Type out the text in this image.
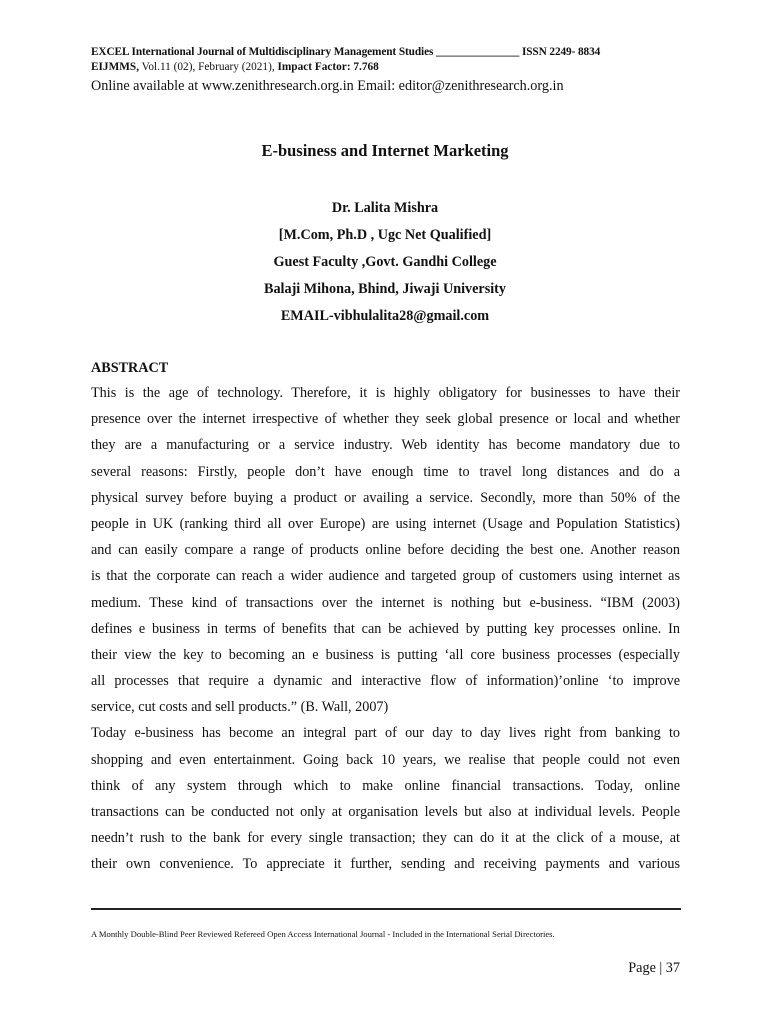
EXCEL International Journal of Multidisciplinary Management Studies _______________ ISSN 2249- 8834
EIJMMS, Vol.11 (02), February (2021), Impact Factor: 7.768
Online available at www.zenithresearch.org.in Email: editor@zenithresearch.org.in
E-business and Internet Marketing
Dr. Lalita Mishra
[M.Com, Ph.D , Ugc Net Qualified]
Guest Faculty ,Govt. Gandhi College
Balaji Mihona, Bhind, Jiwaji University
EMAIL-vibhulalita28@gmail.com
ABSTRACT
This is the age of technology. Therefore, it is highly obligatory for businesses to have their
presence over the internet irrespective of whether they seek global presence or local and whether
they are a manufacturing or a service industry. Web identity has become mandatory due to
several reasons: Firstly, people don’t have enough time to travel long distances and do a
physical survey before buying a product or availing a service. Secondly, more than 50% of the
people in UK (ranking third all over Europe) are using internet (Usage and Population Statistics)
and can easily compare a range of products online before deciding the best one. Another reason
is that the corporate can reach a wider audience and targeted group of customers using internet as
medium. These kind of transactions over the internet is nothing but e-business. “IBM (2003)
defines e business in terms of benefits that can be achieved by putting key processes online. In
their view the key to becoming an e business is putting ‘all core business processes (especially
all processes that require a dynamic and interactive flow of information)’online ‘to improve
service, cut costs and sell products.” (B. Wall, 2007)
Today e-business has become an integral part of our day to day lives right from banking to
shopping and even entertainment. Going back 10 years, we realise that people could not even
think of any system through which to make online financial transactions. Today, online
transactions can be conducted not only at organisation levels but also at individual levels. People
needn’t rush to the bank for every single transaction; they can do it at the click of a mouse, at
their own convenience. To appreciate it further, sending and receiving payments and various
A Monthly Double-Blind Peer Reviewed Refereed Open Access International Journal - Included in the International Serial Directories.
Page | 37
